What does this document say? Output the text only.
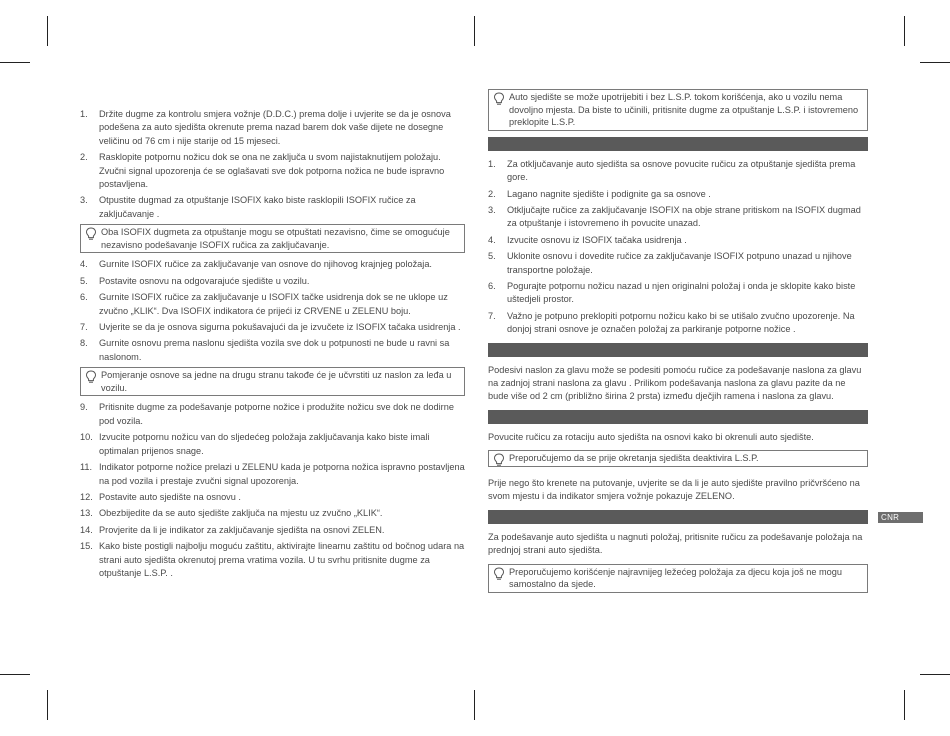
1. Držite dugme za kontrolu smjera vožnje (D.D.C.) prema dolje i uvjerite se da je osnova podešena za auto sjedišta okrenute prema nazad barem dok vaše dijete ne dosegne veličinu od 76 cm i nije starije od 15 mjeseci.
2. Rasklopite potpornu nožicu dok se ona ne zaključa u svom najistaknutijem položaju. Zvučni signal upozorenja će se oglašavati sve dok potporna nožica ne bude ispravno postavljena.
3. Otpustite dugmad za otpuštanje ISOFIX kako biste rasklopili ISOFIX ručice za zaključavanje .
Oba ISOFIX dugmeta za otpuštanje mogu se otpuštati nezavisno, čime se omogućuje nezavisno podešavanje ISOFIX ručica za zaključavanje.
4. Gurnite ISOFIX ručice za zaključavanje van osnove do njihovog krajnjeg položaja.
5. Postavite osnovu na odgovarajuće sjedište u vozilu.
6. Gurnite ISOFIX ručice za zaključavanje u ISOFIX tačke usidrenja dok se ne uklope uz zvučno „KLIK“. Dva ISOFIX indikatora će prijeći iz CRVENE u ZELENU boju.
7. Uvjerite se da je osnova sigurna pokušavajući da je izvučete iz ISOFIX tačaka usidrenja .
8. Gurnite osnovu prema naslonu sjedišta vozila sve dok u potpunosti ne bude u ravni sa naslonom.
Pomjeranje osnove sa jedne na drugu stranu takođe će je učvrstiti uz naslon za leđa u vozilu.
9. Pritisnite dugme za podešavanje potporne nožice i produžite nožicu sve dok ne dodirne pod vozila.
10. Izvucite potpornu nožicu van do sljedećeg položaja zaključavanja kako biste imali optimalan prijenos snage.
11. Indikator potporne nožice prelazi u ZELENU kada je potporna nožica ispravno postavljena na pod vozila i prestaje zvučni signal upozorenja.
12. Postavite auto sjedište na osnovu .
13. Obezbijedite da se auto sjedište zaključa na mjestu uz zvučno „KLIK“.
14. Provjerite da li je indikator za zaključavanje sjedišta na osnovi ZELEN.
15. Kako biste postigli najbolju moguću zaštitu, aktivirajte linearnu zaštitu od bočnog udara na strani auto sjedišta okrenutoj prema vratima vozila. U tu svrhu pritisnite dugme za otpuštanje L.S.P. .
Auto sjedište se može upotrijebiti i bez L.S.P. tokom korišćenja, ako u vozilu nema dovoljno mjesta. Da biste to učinili, pritisnite dugme za otpuštanje L.S.P. i istovremeno preklopite L.S.P.
1. Za otključavanje auto sjedišta sa osnove povucite ručicu za otpuštanje sjedišta prema gore.
2. Lagano nagnite sjedište i podignite ga sa osnove .
3. Otključajte ručice za zaključavanje ISOFIX na obje strane pritiskom na ISOFIX dugmad za otpuštanje i istovremeno ih povucite unazad.
4. Izvucite osnovu iz ISOFIX tačaka usidrenja .
5. Uklonite osnovu i dovedite ručice za zaključavanje ISOFIX potpuno unazad u njihove transportne položaje.
6. Pogurajte potpornu nožicu nazad u njen originalni položaj i onda je sklopite kako biste uštedjeli prostor.
7. Važno je potpuno preklopiti potpornu nožicu kako bi se utišalo zvučno upozorenje. Na donjoj strani osnove je označen položaj za parkiranje potporne nožice .

Podesivi naslon za glavu može se podesiti pomoću ručice za podešavanje naslona za glavu na zadnjoj strani naslona za glavu . Prilikom podešavanja naslona za glavu pazite da ne bude više od 2 cm (približno širina 2 prsta) između dječjih ramena i naslona za glavu.

Povucite ručicu za rotaciju auto sjedišta na osnovi kako bi okrenuli auto sjedište.

Preporučujemo da se prije okretanja sjedišta deaktivira L.S.P.

Prije nego što krenete na putovanje, uvjerite se da li je auto sjedište pravilno pričvršćeno na svom mjestu i da indikator smjera vožnje pokazuje ZELENO.

Za podešavanje auto sjedišta u nagnuti položaj, pritisnite ručicu za podešavanje položaja na prednjoj strani auto sjedišta.

Preporučujemo korišćenje najravnijeg ležećeg položaja za djecu koja još ne mogu samostalno da sjede.
CNR
